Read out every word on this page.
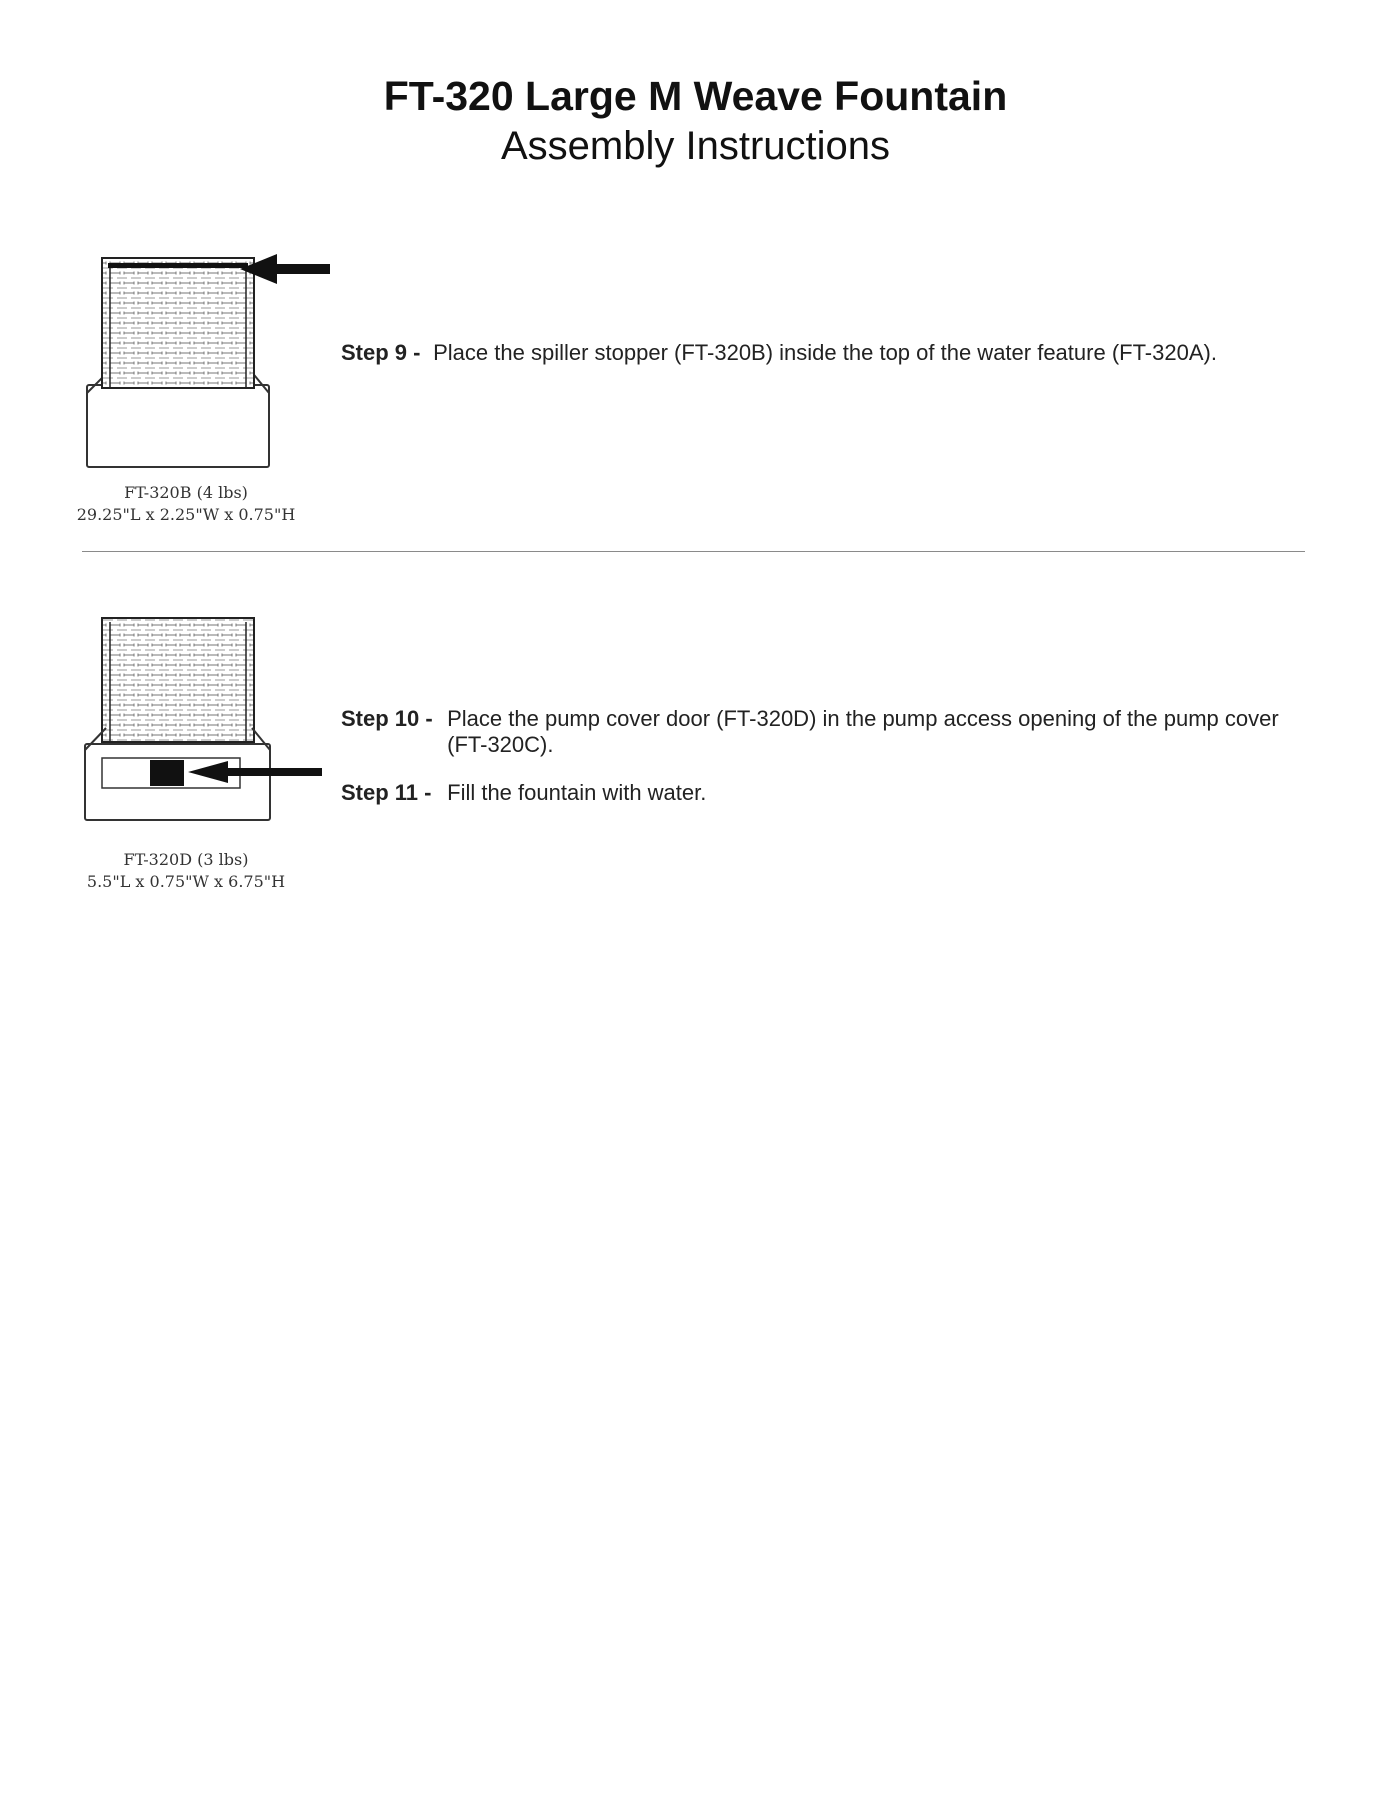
FT-320 Large M Weave Fountain
Assembly Instructions
FT-320B (4 lbs)
29.25"L x 2.25"W x 0.75"H
Step 9 - Place the spiller stopper (FT-320B) inside the top of the water feature (FT-320A).
FT-320D (3 lbs)
5.5"L x 0.75"W x 6.75"H
Step 10 - Place the pump cover door (FT-320D) in the pump access opening of the pump cover
(FT-320C).
Step 11 - Fill the fountain with water.
